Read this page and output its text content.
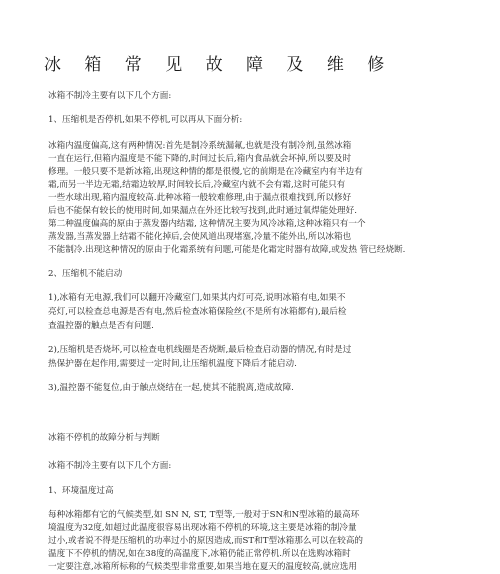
冰 箱 常 见 故 障 及 维 修

冰箱不制冷主要有以下几个方面:

1、压缩机是否停机,如果不停机,可以再从下面分析:

冰箱内温度偏高,这有两种情况:首先是制冷系统漏氟,也就是没有制冷剂,虽然冰箱

一直在运行,但箱内温度是不能下降的,时间过长后,箱内食品就会坏掉,所以要及时

修理。一般只要不是新冰箱,出现这种情的都是很慢,它的前期是在冷藏室内有半边有

霜,而另一半边无霜,结霜边较厚,时间较长后,冷藏室内就不会有霜,这时可能只有

一些水球出现,箱内温度较高.此种冰箱一般较难修理,由于漏点很难找到,所以修好

后也不能保有较长的使用时间,如果漏点在外还比较写找到,此时通过氧焊能处理好.

第二种温度偏高的原由于蒸发器内结霜, 这种情况主要为风冷冰箱,这种冰箱只有一个

蒸发器,当蒸发器上结霜不能化掉后,会使风道出现堵塞,冷量不能外出,所以冰箱也

不能制冷.出现这种情况的原由于化霜系统有问题,可能是化霜定时器有故障,或发热 管已经烧断.

2、压缩机不能启动

1),冰箱有无电源,我们可以翻开冷藏室门,如果其内灯可亮,说明冰箱有电,如果不

亮灯,可以检查总电源是否有电,然后检查冰箱保险丝(不是所有冰箱都有),最后检

查温控器的触点是否有问题.

2),压缩机是否烧坏,可以检查电机线圈是否烧断,最后检查启动器的情况,有时是过

热保护器在起作用,需要过一定时间,让压缩机温度下降后才能启动.

3),温控器不能复位,由于触点烧结在一起,使其不能脱离,造成故障.

冰箱不停机的故障分析与判断

冰箱不制冷主要有以下几个方面:

1、环境温度过高

每种冰箱都有它的气候类型,如 SN N, ST, T型等,一般对于SN和N型冰箱的最高环

境温度为32度,如超过此温度很容易出现冰箱不停机的环境,这主要是冰箱的制冷量

过小,或者说不得是压缩机的功率过小的原因造成,而ST和T型冰箱那么可以在较高的

温度下不停机的情况,如在38度的高温度下,冰箱仍能正常停机.所以在选购冰箱时

一定要注意,冰箱所标称的气候类型非常重要,如果当地在夏天的温度较高,就应选用
